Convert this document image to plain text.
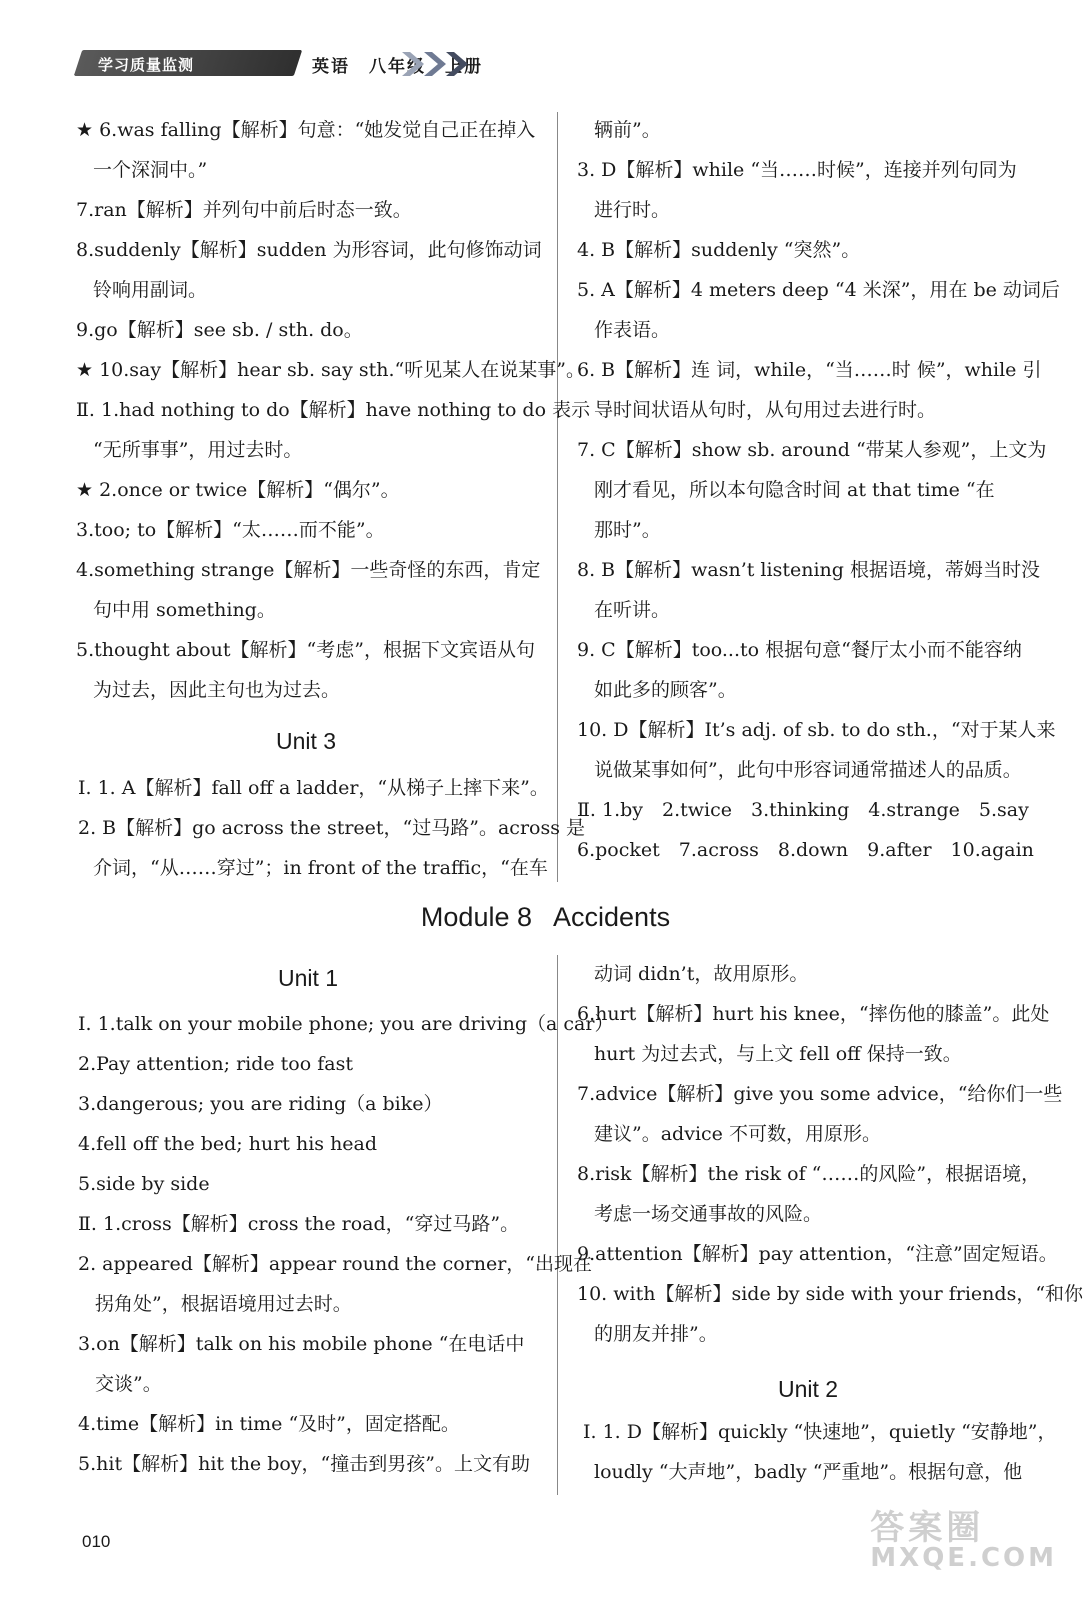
学习质量监测	英语　八年级　上册
★ 6.was falling【解析】句意：“她发觉自己正在掉入
一个深洞中。”
7.ran【解析】并列句中前后时态一致。
8.suddenly【解析】sudden 为形容词，此句修饰动词
铃响用副词。
9.go【解析】see sb. / sth. do。
★ 10.say【解析】hear sb. say sth.“听见某人在说某事”。
Ⅱ. 1.had nothing to do【解析】have nothing to do 表示
“无所事事”，用过去时。
★ 2.once or twice【解析】“偶尔”。
3.too; to【解析】“太……而不能”。
4.something strange【解析】一些奇怪的东西，肯定
句中用 something。
5.thought about【解析】“考虑”，根据下文宾语从句
为过去，因此主句也为过去。
Unit 3
Ⅰ. 1. A【解析】fall off a ladder，“从梯子上摔下来”。
2. B【解析】go across the street，“过马路”。across 是
介词，“从……穿过”；in front of the traffic，“在车
辆前”。
3. D【解析】while “当……时候”，连接并列句同为
进行时。
4. B【解析】suddenly “突然”。
5. A【解析】4 meters deep “4 米深”，用在 be 动词后
作表语。
6. B【解析】连 词，while，“当……时 候”，while 引
导时间状语从句时，从句用过去进行时。
7. C【解析】show sb. around “带某人参观”，上文为
刚才看见，所以本句隐含时间 at that time “在
那时”。
8. B【解析】wasn’t listening 根据语境，蒂姆当时没
在听讲。
9. C【解析】too...to 根据句意“餐厅太小而不能容纳
如此多的顾客”。
10. D【解析】It’s adj. of sb. to do sth.，“对于某人来
说做某事如何”，此句中形容词通常描述人的品质。
Ⅱ. 1.by　2.twice　3.thinking　4.strange　5.say
6.pocket　7.across　8.down　9.after　10.again
Module 8   Accidents
Unit 1
Ⅰ. 1.talk on your mobile phone; you are driving（a car）
2.Pay attention; ride too fast
3.dangerous; you are riding（a bike）
4.fell off the bed; hurt his head
5.side by side
Ⅱ. 1.cross【解析】cross the road，“穿过马路”。
2. appeared【解析】appear round the corner，“出现在
拐角处”，根据语境用过去时。
3.on【解析】talk on his mobile phone “在电话中
交谈”。
4.time【解析】in time “及时”，固定搭配。
5.hit【解析】hit the boy，“撞击到男孩”。上文有助
动词 didn’t，故用原形。
6.hurt【解析】hurt his knee，“摔伤他的膝盖”。此处
hurt 为过去式，与上文 fell off 保持一致。
7.advice【解析】give you some advice，“给你们一些
建议”。advice 不可数，用原形。
8.risk【解析】the risk of “……的风险”，根据语境，
考虑一场交通事故的风险。
9.attention【解析】pay attention，“注意”固定短语。
10. with【解析】side by side with your friends，“和你
的朋友并排”。
Unit 2
Ⅰ. 1. D【解析】quickly “快速地”，quietly “安静地”，
loudly “大声地”，badly “严重地”。根据句意，他
010	答案圈
MXQE.COM
